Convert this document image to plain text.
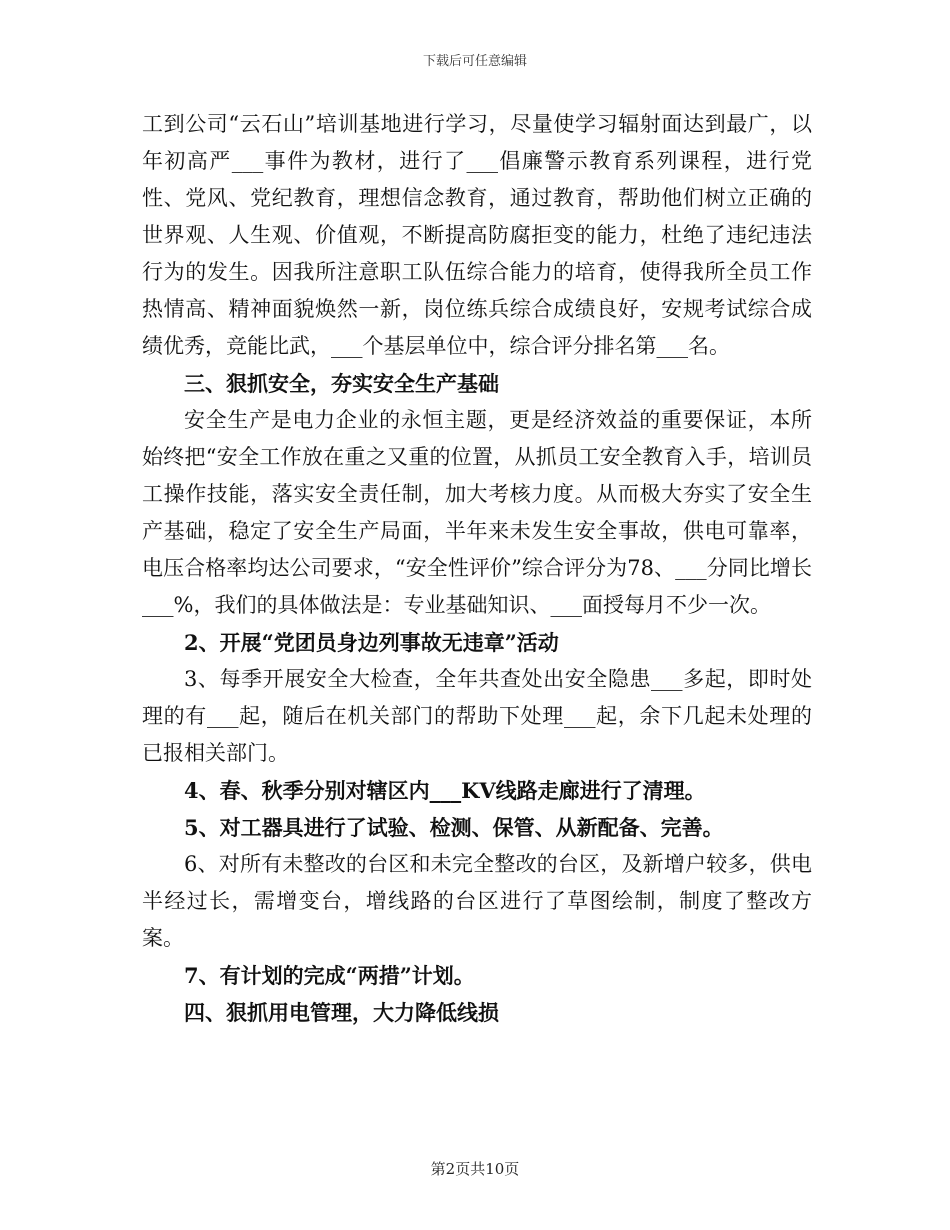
下载后可任意编辑

工到公司“云石山”培训基地进行学习，尽量使学习辐射面达到最广，以年初高严___事件为教材，进行了___倡廉警示教育系列课程，进行党性、党风、党纪教育，理想信念教育，通过教育，帮助他们树立正确的世界观、人生观、价值观，不断提高防腐拒变的能力，杜绝了违纪违法行为的发生。因我所注意职工队伍综合能力的培育，使得我所全员工作热情高、精神面貌焕然一新，岗位练兵综合成绩良好，安规考试综合成绩优秀，竞能比武，___个基层单位中，综合评分排名第___名。

三、狠抓安全，夯实安全生产基础

安全生产是电力企业的永恒主题，更是经济效益的重要保证，本所始终把“安全工作放在重之又重的位置，从抓员工安全教育入手，培训员工操作技能，落实安全责任制，加大考核力度。从而极大夯实了安全生产基础，稳定了安全生产局面，半年来未发生安全事故，供电可靠率，电压合格率均达公司要求，“安全性评价”综合评分为78、___分同比增长___%，我们的具体做法是：专业基础知识、___面授每月不少一次。

2、开展“党团员身边列事故无违章”活动

3、每季开展安全大检查，全年共查处出安全隐患___多起，即时处理的有___起，随后在机关部门的帮助下处理___起，余下几起未处理的已报相关部门。

4、春、秋季分别对辖区内___KV线路走廊进行了清理。

5、对工器具进行了试验、检测、保管、从新配备、完善。

6、对所有未整改的台区和未完全整改的台区，及新增户较多，供电半经过长，需增变台，增线路的台区进行了草图绘制，制度了整改方案。

7、有计划的完成“两措”计划。

四、狠抓用电管理，大力降低线损

第2页共10页
